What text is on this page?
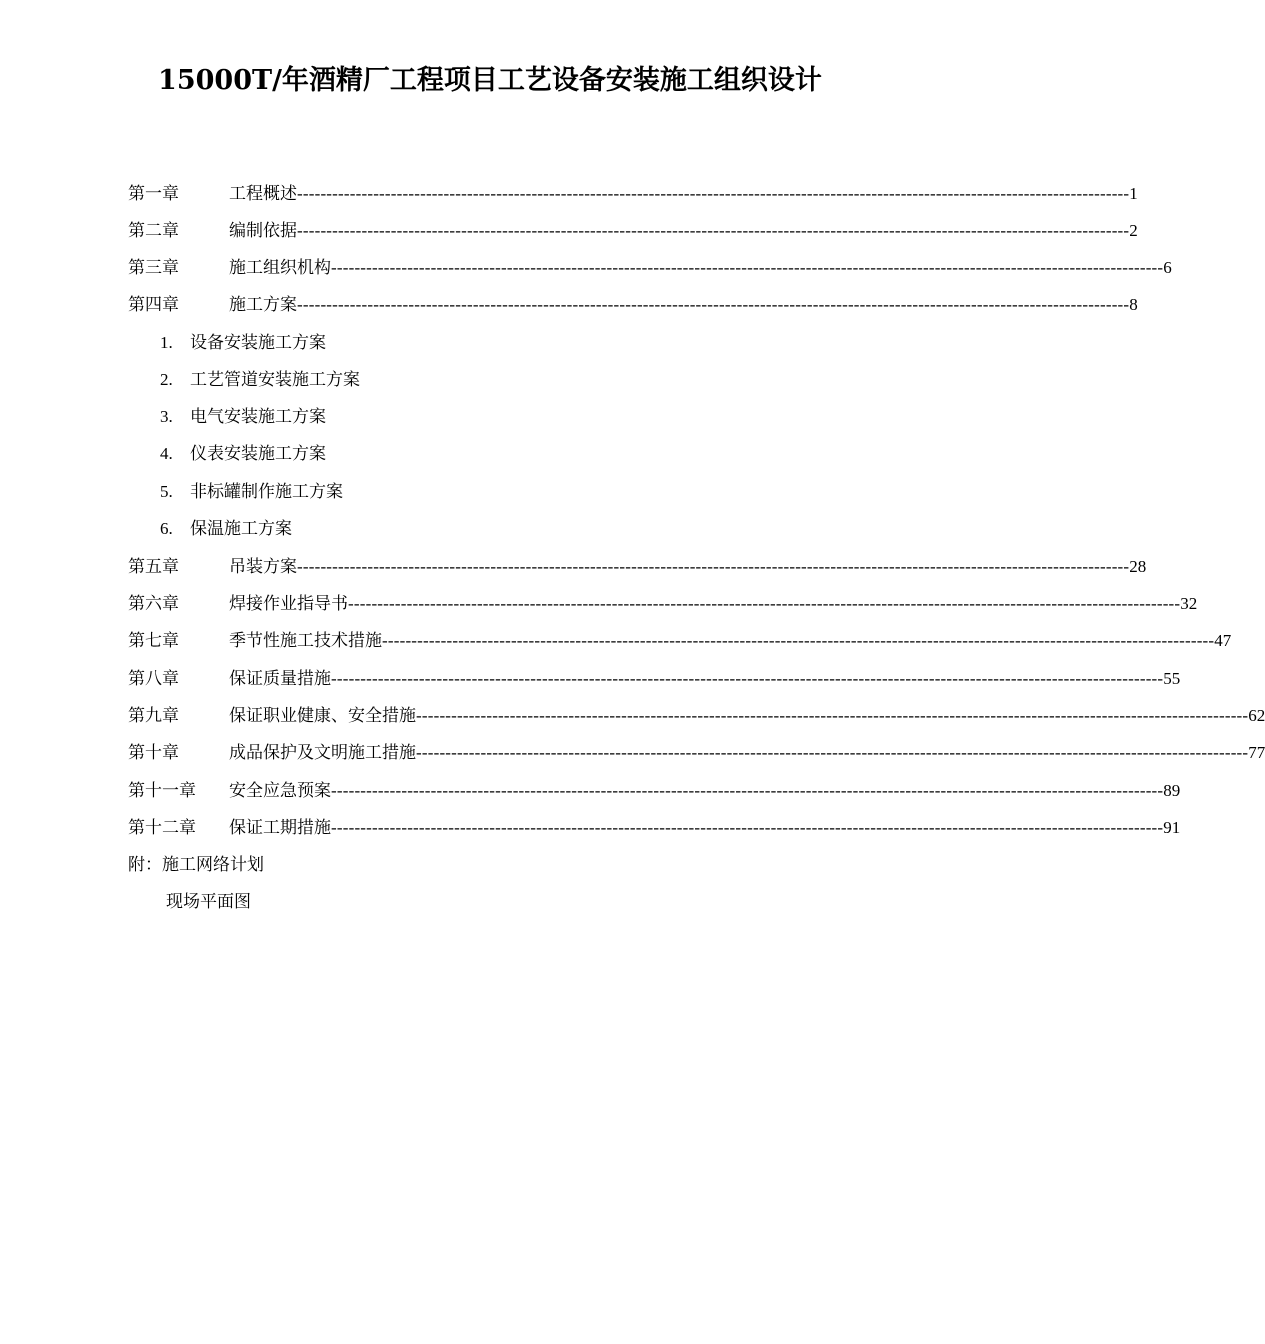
15000T/年酒精厂工程项目工艺设备安装施工组织设计
第一章	工程概述 ---------------------------------------------------------------------------------------------------------------------------------------------- 1
第二章	编制依据 ---------------------------------------------------------------------------------------------------------------------------------------------- 2
第三章	施工组织机构 ---------------------------------------------------------------------------------------------------------------------------------------------- 6
第四章	施工方案 ---------------------------------------------------------------------------------------------------------------------------------------------- 8
1. 设备安装施工方案
2. 工艺管道安装施工方案
3. 电气安装施工方案
4. 仪表安装施工方案
5. 非标罐制作施工方案
6. 保温施工方案
第五章	吊装方案 ---------------------------------------------------------------------------------------------------------------------------------------------- 28
第六章	焊接作业指导书 ---------------------------------------------------------------------------------------------------------------------------------------------- 32
第七章	季节性施工技术措施 ---------------------------------------------------------------------------------------------------------------------------------------------- 47
第八章	保证质量措施 ---------------------------------------------------------------------------------------------------------------------------------------------- 55
第九章	保证职业健康、安全措施 ---------------------------------------------------------------------------------------------------------------------------------------------- 62
第十章	成品保护及文明施工措施 ---------------------------------------------------------------------------------------------------------------------------------------------- 77
第十一章	安全应急预案 ---------------------------------------------------------------------------------------------------------------------------------------------- 89
第十二章	保证工期措施 ---------------------------------------------------------------------------------------------------------------------------------------------- 91
附：施工网络计划
现场平面图
